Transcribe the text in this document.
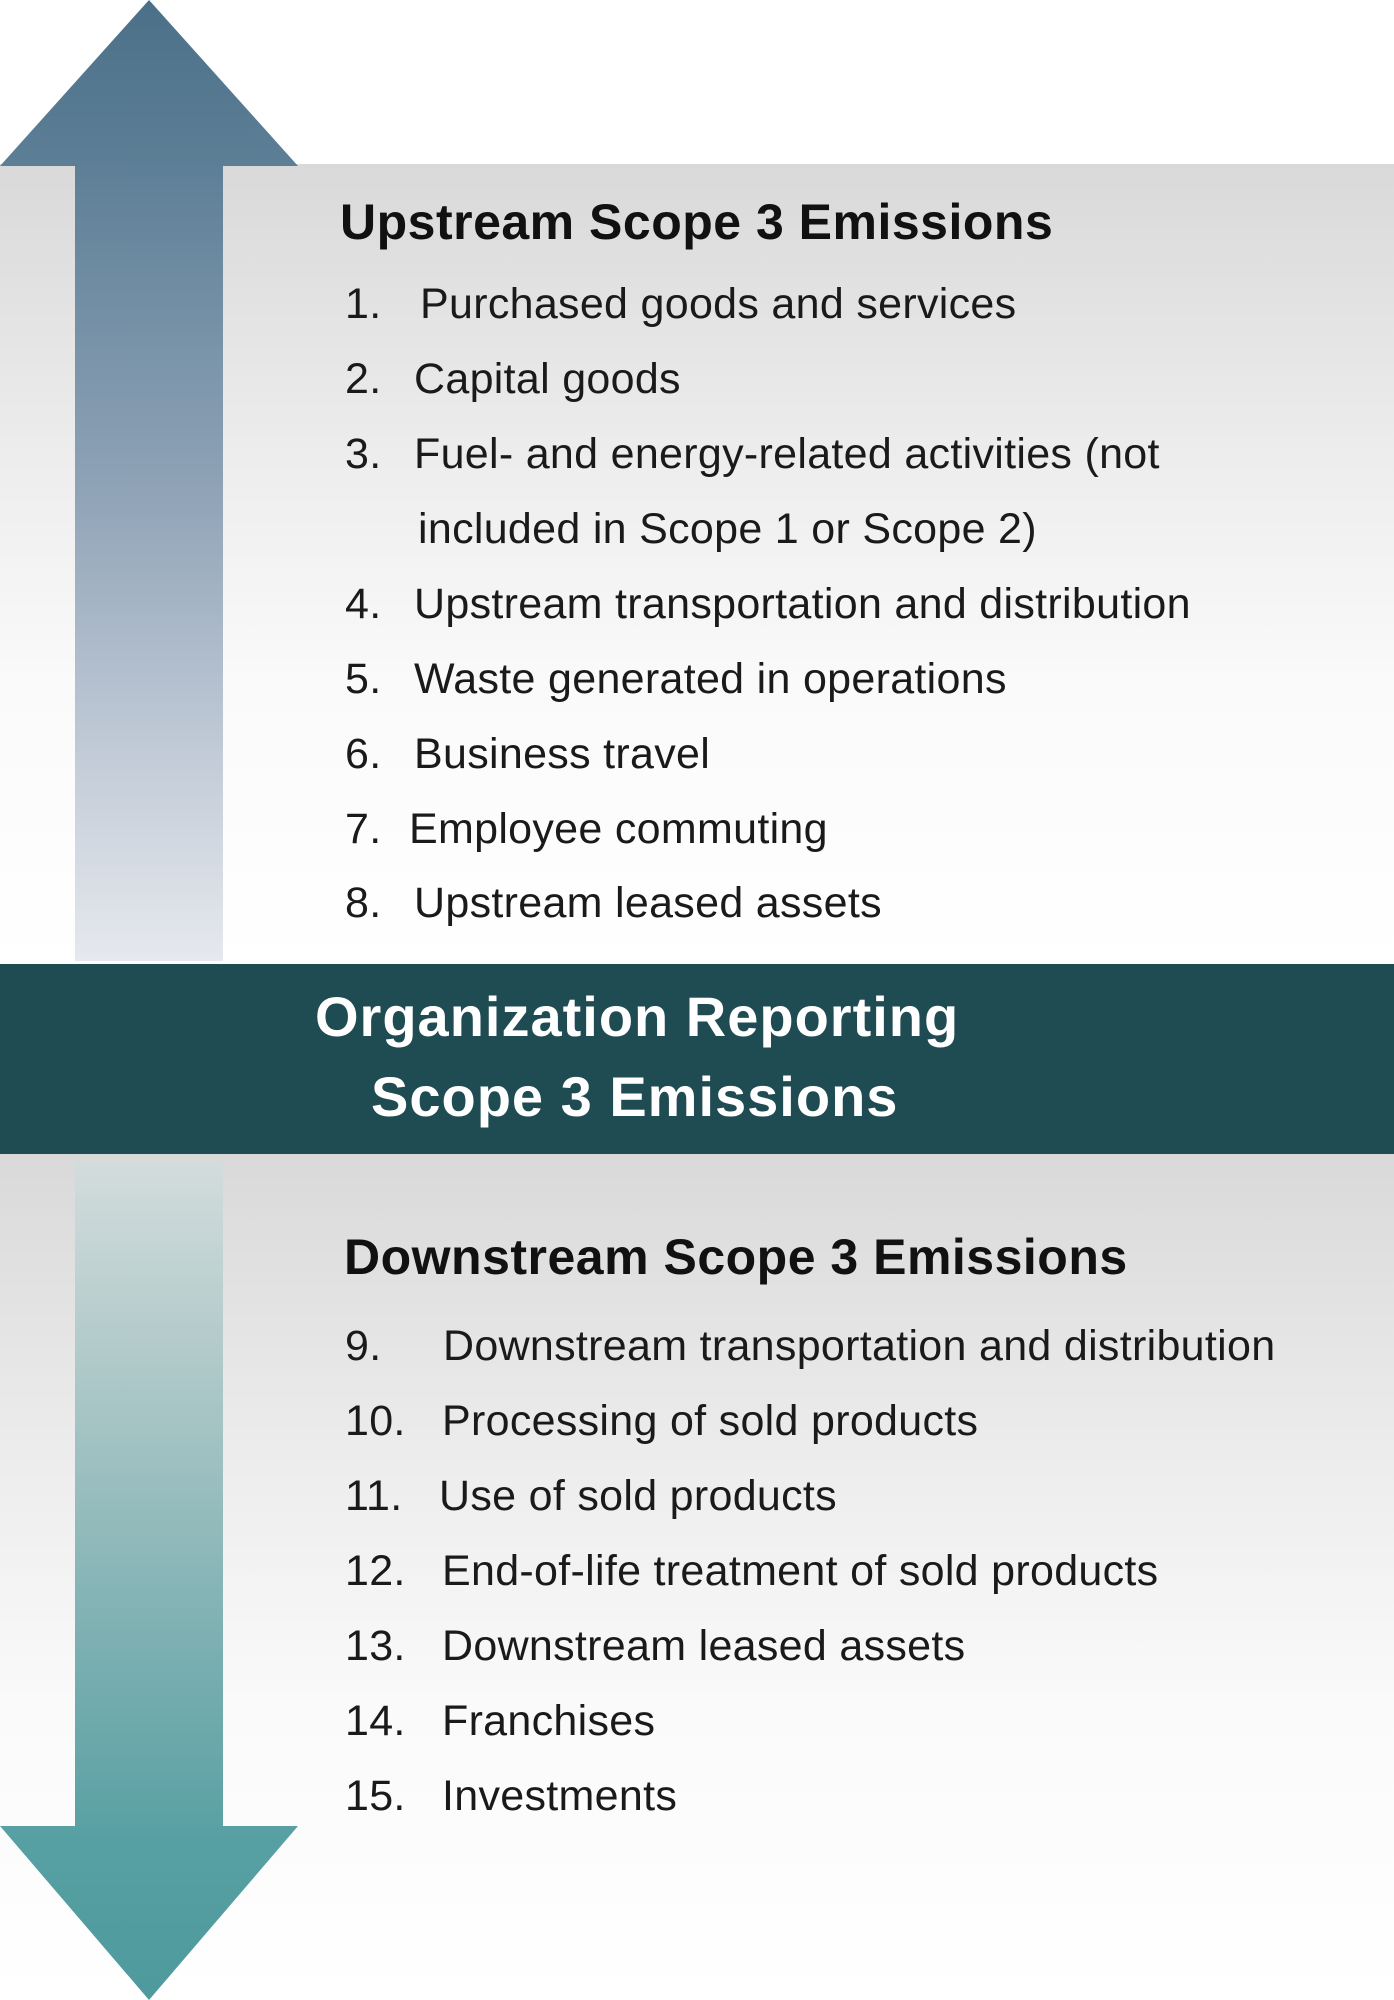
Organization Reporting
Scope 3 Emissions
Upstream Scope 3 Emissions
1. Purchased goods and services
2. Capital goods
3. Fuel- and energy-related activities (not
included in Scope 1 or Scope 2)
4. Upstream transportation and distribution
5. Waste generated in operations
6. Business travel
7. Employee commuting
8. Upstream leased assets
Downstream Scope 3 Emissions
9. Downstream transportation and distribution
10. Processing of sold products
11. Use of sold products
12. End-of-life treatment of sold products
13. Downstream leased assets
14. Franchises
15. Investments
